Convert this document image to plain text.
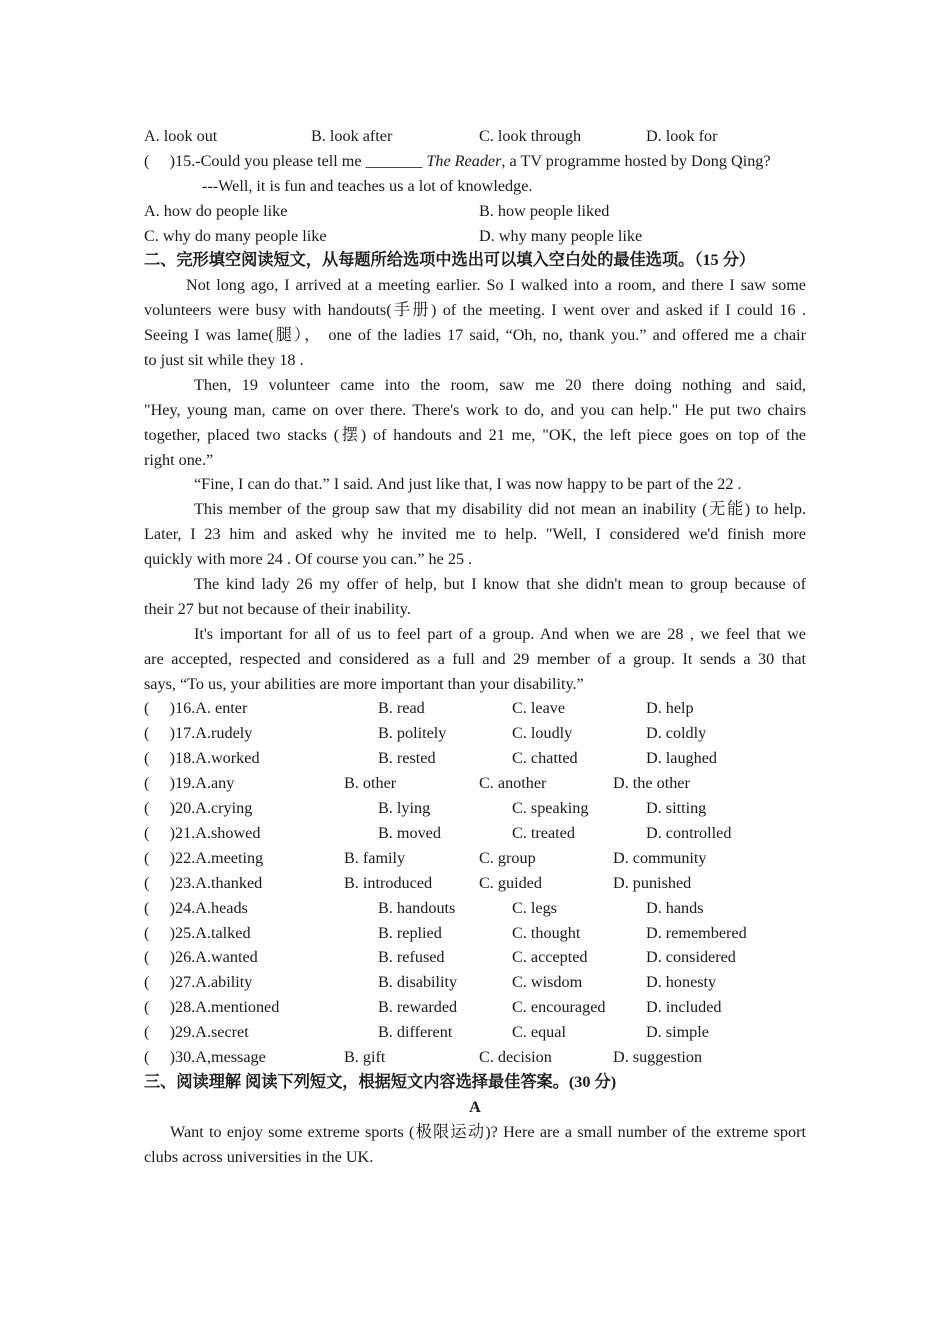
A. look out	B. look after	C. look through	D. look for
(     )15.-Could you please tell me _______ The Reader, a TV programme hosted by Dong Qing?
---Well, it is fun and teaches us a lot of knowledge.
A. how do people like	B. how people liked
C. why do many people like	D. why many people like
二、完形填空阅读短文，从每题所给选项中选出可以填入空白处的最佳选项。（15 分）
Not long ago, I arrived at a meeting earlier. So I walked into a room, and there I saw some
volunteers were busy with handouts(手册) of the meeting. I went over and asked if I could 16 .
Seeing I was lame(腿）， one of the ladies 17 said, “Oh, no, thank you.” and offered me a chair
to just sit while they 18 .
Then, 19 volunteer came into the room, saw me 20 there doing nothing and said,
"Hey, young man, came on over there. There's work to do, and you can help." He put two chairs
together, placed two stacks (摆) of handouts and 21 me, "OK, the left piece goes on top of the
right one.”
“Fine, I can do that.” I said. And just like that, I was now happy to be part of the 22 .
This member of the group saw that my disability did not mean an inability (无能) to help.
Later, I 23 him and asked why he invited me to help. "Well, I considered we'd finish more
quickly with more 24 . Of course you can.” he 25 .
The kind lady 26 my offer of help, but I know that she didn't mean to group because of
their 27 but not because of their inability.
It's important for all of us to feel part of a group. And when we are 28 , we feel that we
are accepted, respected and considered as a full and 29 member of a group. It sends a 30 that
says, “To us, your abilities are more important than your disability.”
(     )16.A. enter	B. read	C. leave	D. help
(     )17.A.rudely	B. politely	C. loudly	D. coldly
(     )18.A.worked	B. rested	C. chatted	D. laughed
(     )19.A.any	B. other	C. another	D. the other
(     )20.A.crying	B. lying	C. speaking	D. sitting
(     )21.A.showed	B. moved	C. treated	D. controlled
(     )22.A.meeting	B. family	C. group	D. community
(     )23.A.thanked	B. introduced	C. guided	D. punished
(     )24.A.heads	B. handouts	C. legs	D. hands
(     )25.A.talked	B. replied	C. thought	D. remembered
(     )26.A.wanted	B. refused	C. accepted	D. considered
(     )27.A.ability	B. disability	C. wisdom	D. honesty
(     )28.A.mentioned	B. rewarded	C. encouraged	D. included
(     )29.A.secret	B. different	C. equal	D. simple
(     )30.A,message	B. gift	C. decision	D. suggestion
三、阅读理解 阅读下列短文，根据短文内容选择最佳答案。(30 分)
A
Want to enjoy some extreme sports (极限运动)? Here are a small number of the extreme sport
clubs across universities in the UK.
